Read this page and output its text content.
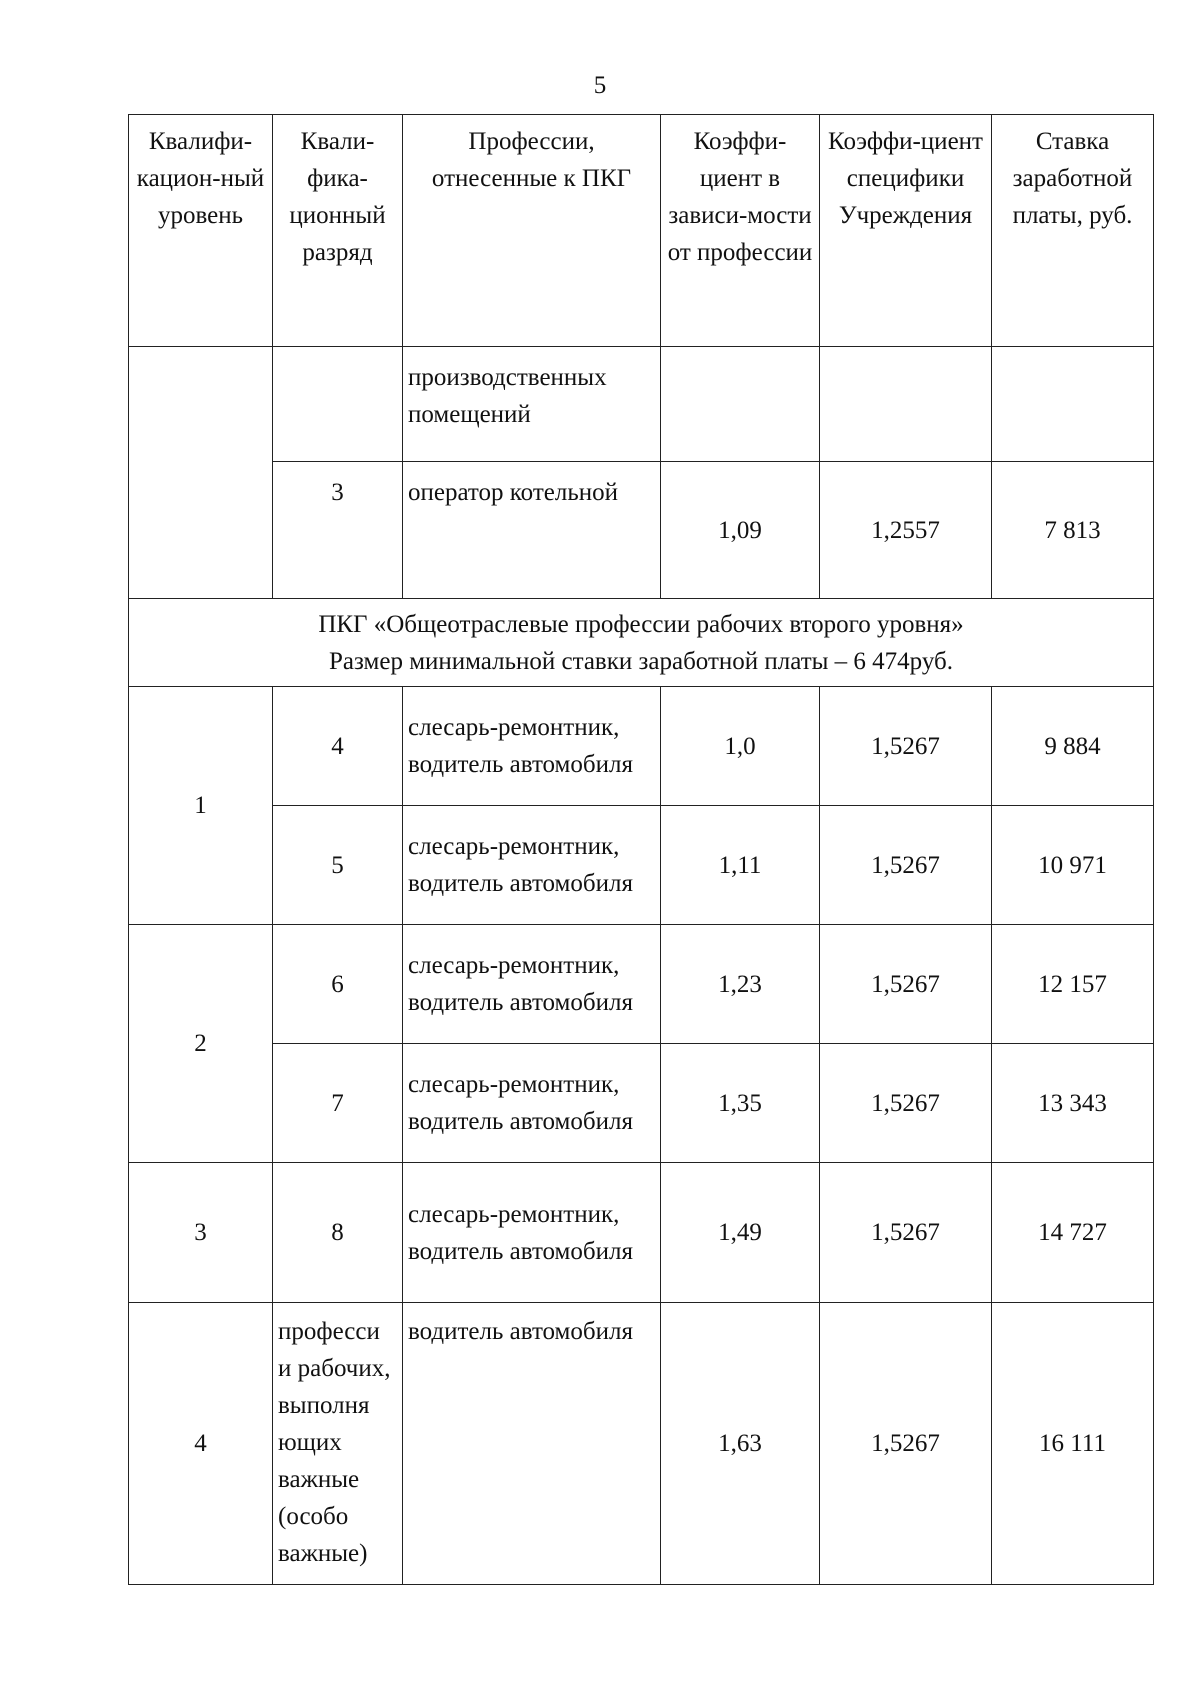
5
Квалифи-кацион-ный уровень	Квали-фика-ционный разряд	Профессии, отнесенные к ПКГ	Коэффи-циент в зависи-мости от профессии	Коэффи-циент специфики Учреждения	Ставка заработной платы, руб.
		производственных помещений			
	3	оператор котельной	1,09	1,2557	7 813

ПКГ «Общеотраслевые профессии рабочих второго уровня»
Размер минимальной ставки заработной платы – 6 474руб.					

1	4	слесарь-ремонтник, водитель автомобиля	1,0	1,5267	9 884
	5	слесарь-ремонтник, водитель автомобиля	1,11	1,5267	10 971
2	6	слесарь-ремонтник, водитель автомобиля	1,23	1,5267	12 157
	7	слесарь-ремонтник, водитель автомобиля	1,35	1,5267	13 343
3	8	слесарь-ремонтник, водитель автомобиля	1,49	1,5267	14 727
4	професси и рабочих, выполня ющих важные (особо важные)	водитель автомобиля	1,63	1,5267	16 111
